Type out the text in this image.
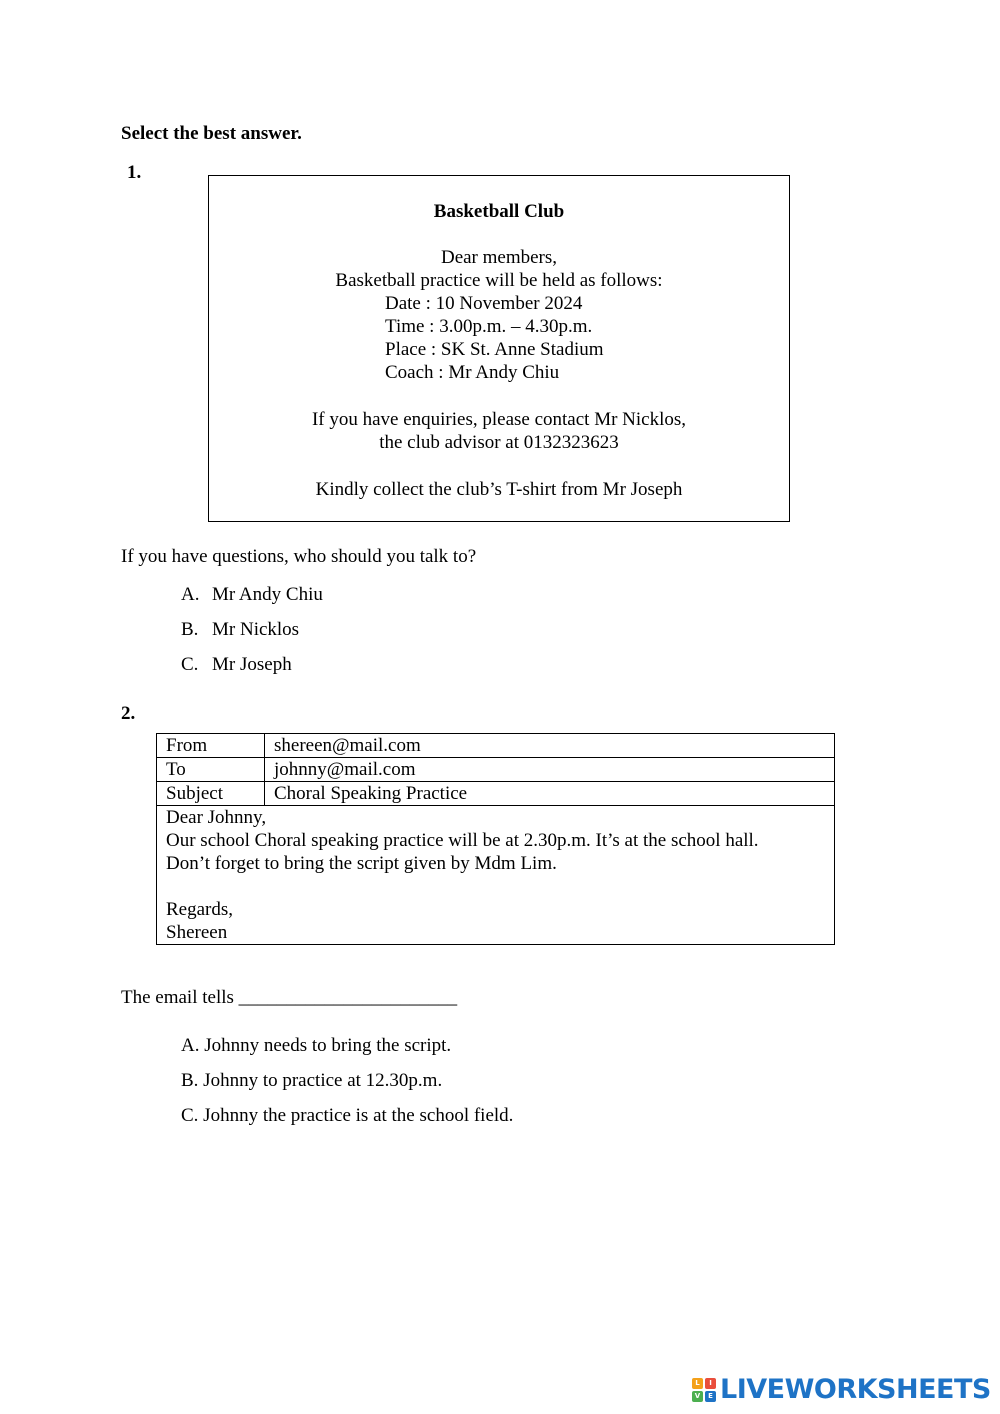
Select the best answer.
1.
Basketball Club
Dear members,
Basketball practice will be held as follows:
Date : 10 November 2024
Time : 3.00p.m. – 4.30p.m.
Place : SK St. Anne Stadium
Coach : Mr Andy Chiu
If you have enquiries, please contact Mr Nicklos,
the club advisor at 0132323623
Kindly collect the club’s T-shirt from Mr Joseph
If you have questions, who should you talk to?
A. Mr Andy Chiu
B. Mr Nicklos
C. Mr Joseph
2.
From	shereen@mail.com
To	johnny@mail.com
Subject	Choral Speaking Practice

Dear Johnny,
Our school Choral speaking practice will be at 2.30p.m. It’s at the school hall.
Don’t forget to bring the script given by Mdm Lim.
Regards,
Shereen	
The email tells _______________________
A. Johnny needs to bring the script.
B. Johnny to practice at 12.30p.m.
C. Johnny the practice is at the school field.
L	I
V	E LIVEWORKSHEETS
